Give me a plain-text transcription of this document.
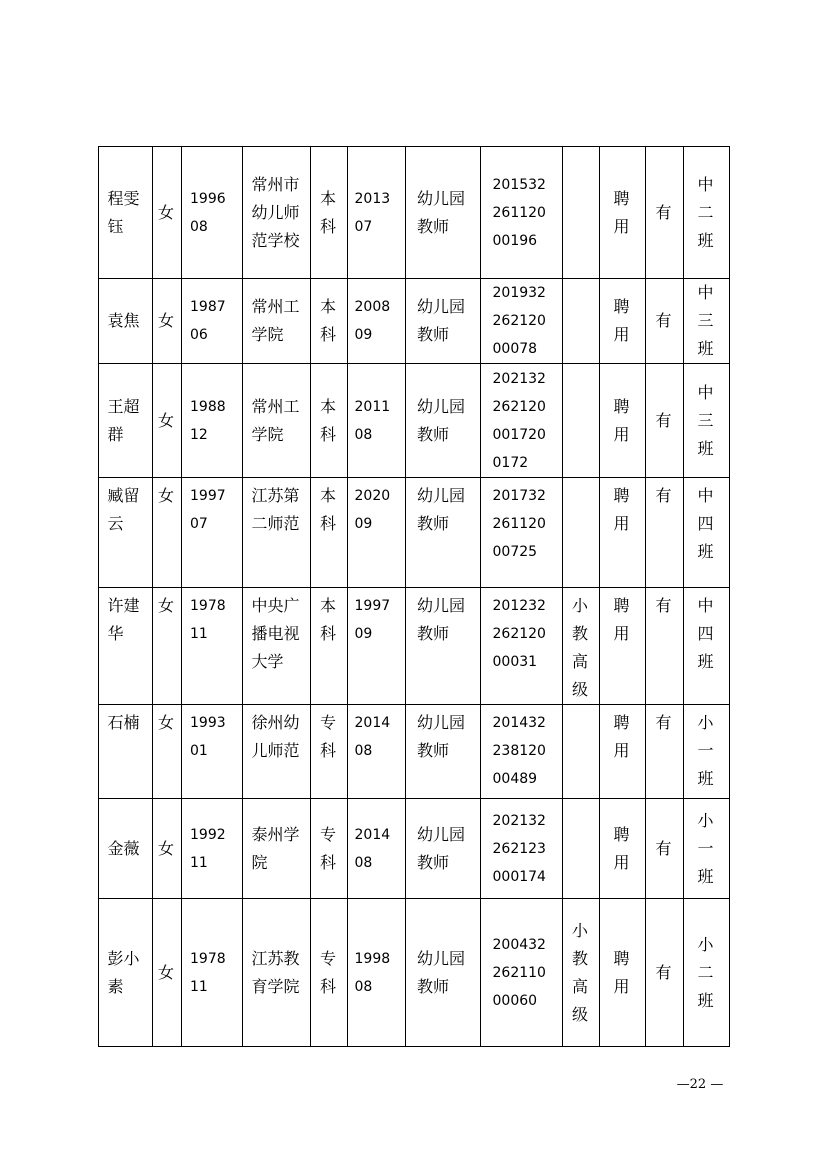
程雯钰	女	199608	常州市幼儿师范学校	本科	201307	幼儿园教师	20153226112000196		聘用	有	中二班
袁焦	女	198706	常州工学院	本科	200809	幼儿园教师	20193226212000078		聘用	有	中三班
王超群	女	198812	常州工学院	本科	201108	幼儿园教师	2021322621200017200172		聘用	有	中三班
臧留云	女	199707	江苏第二师范	本科	202009	幼儿园教师	20173226112000725		聘用	有	中四班
许建华	女	197811	中央广播电视大学	本科	199709	幼儿园教师	20123226212000031	小教高级	聘用	有	中四班
石楠	女	199301	徐州幼儿师范	专科	201408	幼儿园教师	20143223812000489		聘用	有	小一班
金薇	女	199211	泰州学院	专科	201408	幼儿园教师	202132262123000174		聘用	有	小一班
彭小素	女	197811	江苏教育学院	专科	199808	幼儿园教师	20043226211000060	小教高级	聘用	有	小二班
—22 —
